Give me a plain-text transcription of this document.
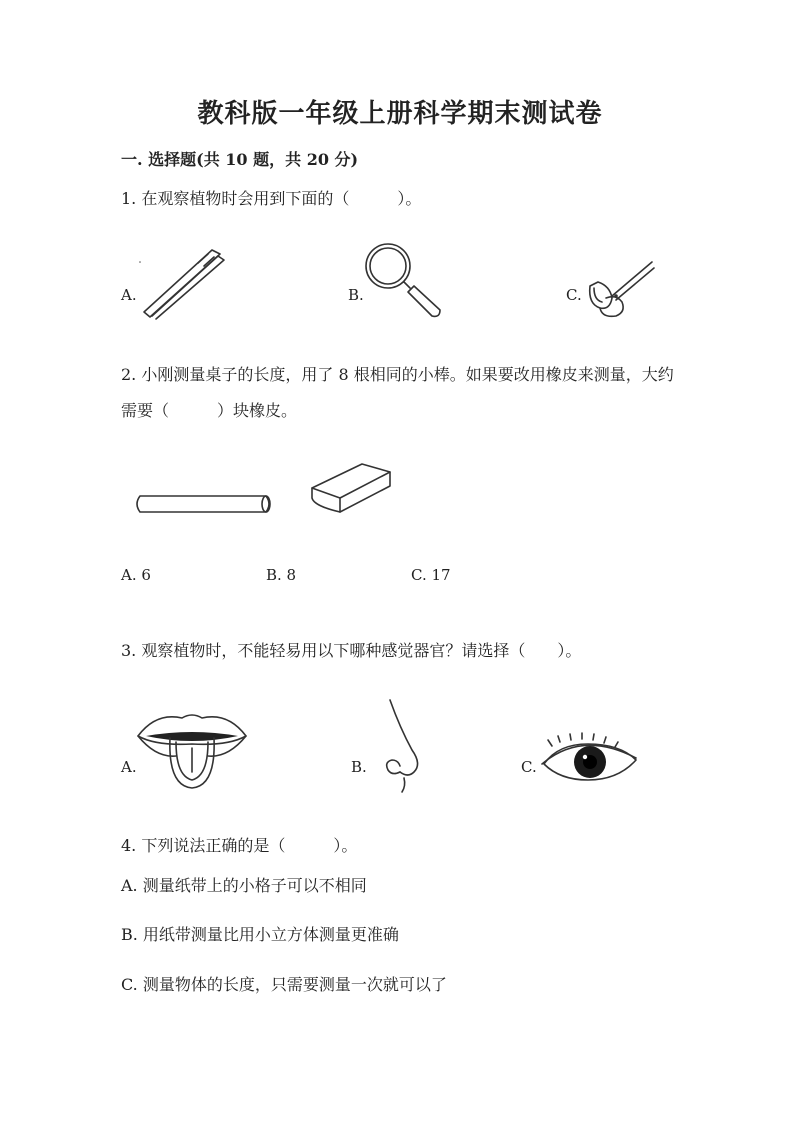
教科版一年级上册科学期末测试卷
一. 选择题(共 10 题，共 20 分)
1. 在观察植物时会用到下面的（　　　）。
A.	B.	C.
2. 小刚测量桌子的长度，用了 8 根相同的小棒。如果要改用橡皮来测量，大约
需要（　　　）块橡皮。
A. 6	B. 8	C. 17
3. 观察植物时，不能轻易用以下哪种感觉器官？请选择（　　）。
A.	B.	C.
4. 下列说法正确的是（　　　）。
A. 测量纸带上的小格子可以不相同
B. 用纸带测量比用小立方体测量更准确
C. 测量物体的长度，只需要测量一次就可以了
